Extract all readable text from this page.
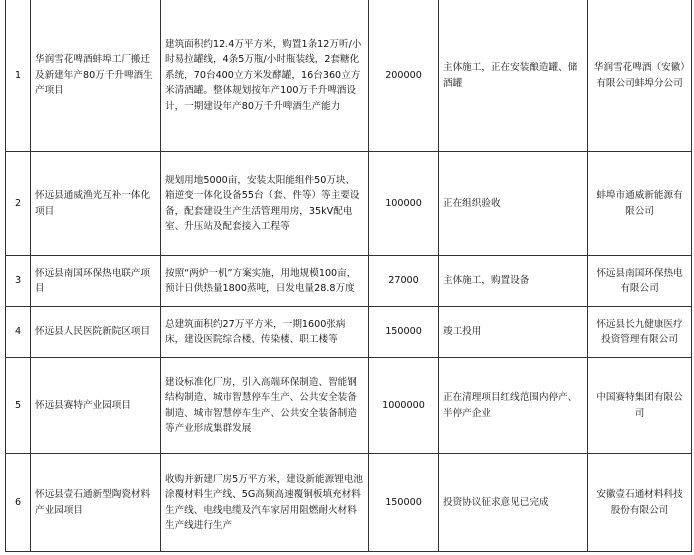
1	华润雪花啤酒蚌埠工厂搬迁及新建年产80万千升啤酒生产项目	建筑面积约12.4万平方米，购置1条12万听/小时易拉罐线，4条5万瓶/小时瓶装线，2套糖化系统，70台400立方米发酵罐，16台360立方米清酒罐。整体规划按年产100万千升啤酒设计，一期建设年产80万千升啤酒生产能力	200000	主体施工，正在安装酿造罐、储酒罐	华润雪花啤酒（安徽）有限公司蚌埠分公司
2	怀远县通威渔光互补一体化项目	规划用地5000亩，安装太阳能组件50万块、箱逆变一体化设备55台（套、件等）等主要设备，配套建设生产生活管理用房，35kV配电室、升压站及配套接入工程等	100000	正在组织验收	蚌埠市通威新能源有限公司
3	怀远县南国环保热电联产项目	按照“两炉一机”方案实施，用地规模100亩，预计日供热量1800蒸吨，日发电量28.8万度	27000	主体施工，购置设备	怀远县南国环保热电有限公司
4	怀远县人民医院新院区项目	总建筑面积约27万平方米，一期1600张病床，建设医院综合楼、传染楼、职工楼等	150000	竣工投用	怀远县长九健康医疗投资管理有限公司
5	怀远县赛特产业园项目	建设标准化厂房，引入高端环保制造、智能钢结构制造、城市智慧停车生产、公共安全装备制造、城市智慧停车生产、公共安全装备制造等产业形成集群发展	1000000	正在清理项目红线范围内停产、半停产企业	中国赛特集团有限公司
6	怀远县壹石通新型陶瓷材料产业园项目	收购并新建厂房5万平方米，建设新能源锂电池涂覆材料生产线、5G高频高速覆铜板填充材料生产线、电线电缆及汽车家居用阻燃耐火材料生产线进行生产	150000	投资协议征求意见已完成	安徽壹石通材料科技股份有限公司
